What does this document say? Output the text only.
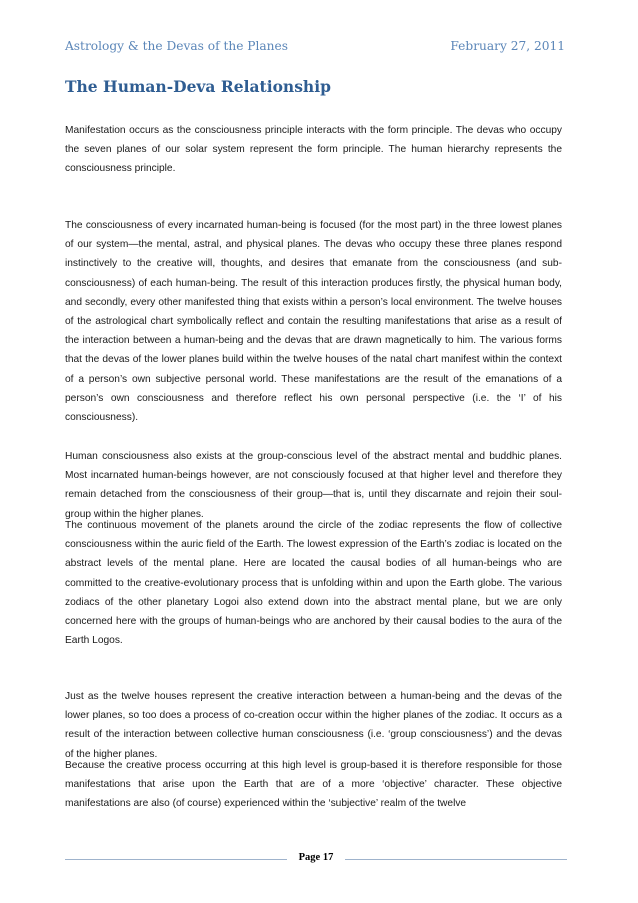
Astrology & the Devas of the Planes	February 27, 2011
The Human-Deva Relationship

Manifestation occurs as the consciousness principle interacts with the form principle. The devas who occupy the seven planes of our solar system represent the form principle. The human hierarchy represents the consciousness principle.

The consciousness of every incarnated human-being is focused (for the most part) in the three lowest planes of our system—the mental, astral, and physical planes. The devas who occupy these three planes respond instinctively to the creative will, thoughts, and desires that emanate from the consciousness (and sub-consciousness) of each human-being. The result of this interaction produces firstly, the physical human body, and secondly, every other manifested thing that exists within a person’s local environment. The twelve houses of the astrological chart symbolically reflect and contain the resulting manifestations that arise as a result of the interaction between a human-being and the devas that are drawn magnetically to him. The various forms that the devas of the lower planes build within the twelve houses of the natal chart manifest within the context of a person’s own subjective personal world. These manifestations are the result of the emanations of a person’s own consciousness and therefore reflect his own personal perspective (i.e. the ‘I’ of his consciousness).

Human consciousness also exists at the group-conscious level of the abstract mental and buddhic planes. Most incarnated human-beings however, are not consciously focused at that higher level and therefore they remain detached from the consciousness of their group—that is, until they discarnate and rejoin their soul-group within the higher planes.

The continuous movement of the planets around the circle of the zodiac represents the flow of collective consciousness within the auric field of the Earth. The lowest expression of the Earth’s zodiac is located on the abstract levels of the mental plane. Here are located the causal bodies of all human-beings who are committed to the creative-evolutionary process that is unfolding within and upon the Earth globe. The various zodiacs of the other planetary Logoi also extend down into the abstract mental plane, but we are only concerned here with the groups of human-beings who are anchored by their causal bodies to the aura of the Earth Logos.

Just as the twelve houses represent the creative interaction between a human-being and the devas of the lower planes, so too does a process of co-creation occur within the higher planes of the zodiac. It occurs as a result of the interaction between collective human consciousness (i.e. ‘group consciousness’) and the devas of the higher planes.

Because the creative process occurring at this high level is group-based it is therefore responsible for those manifestations that arise upon the Earth that are of a more ‘objective’ character. These objective manifestations are also (of course) experienced within the ‘subjective’ realm of the twelve

Page 17
